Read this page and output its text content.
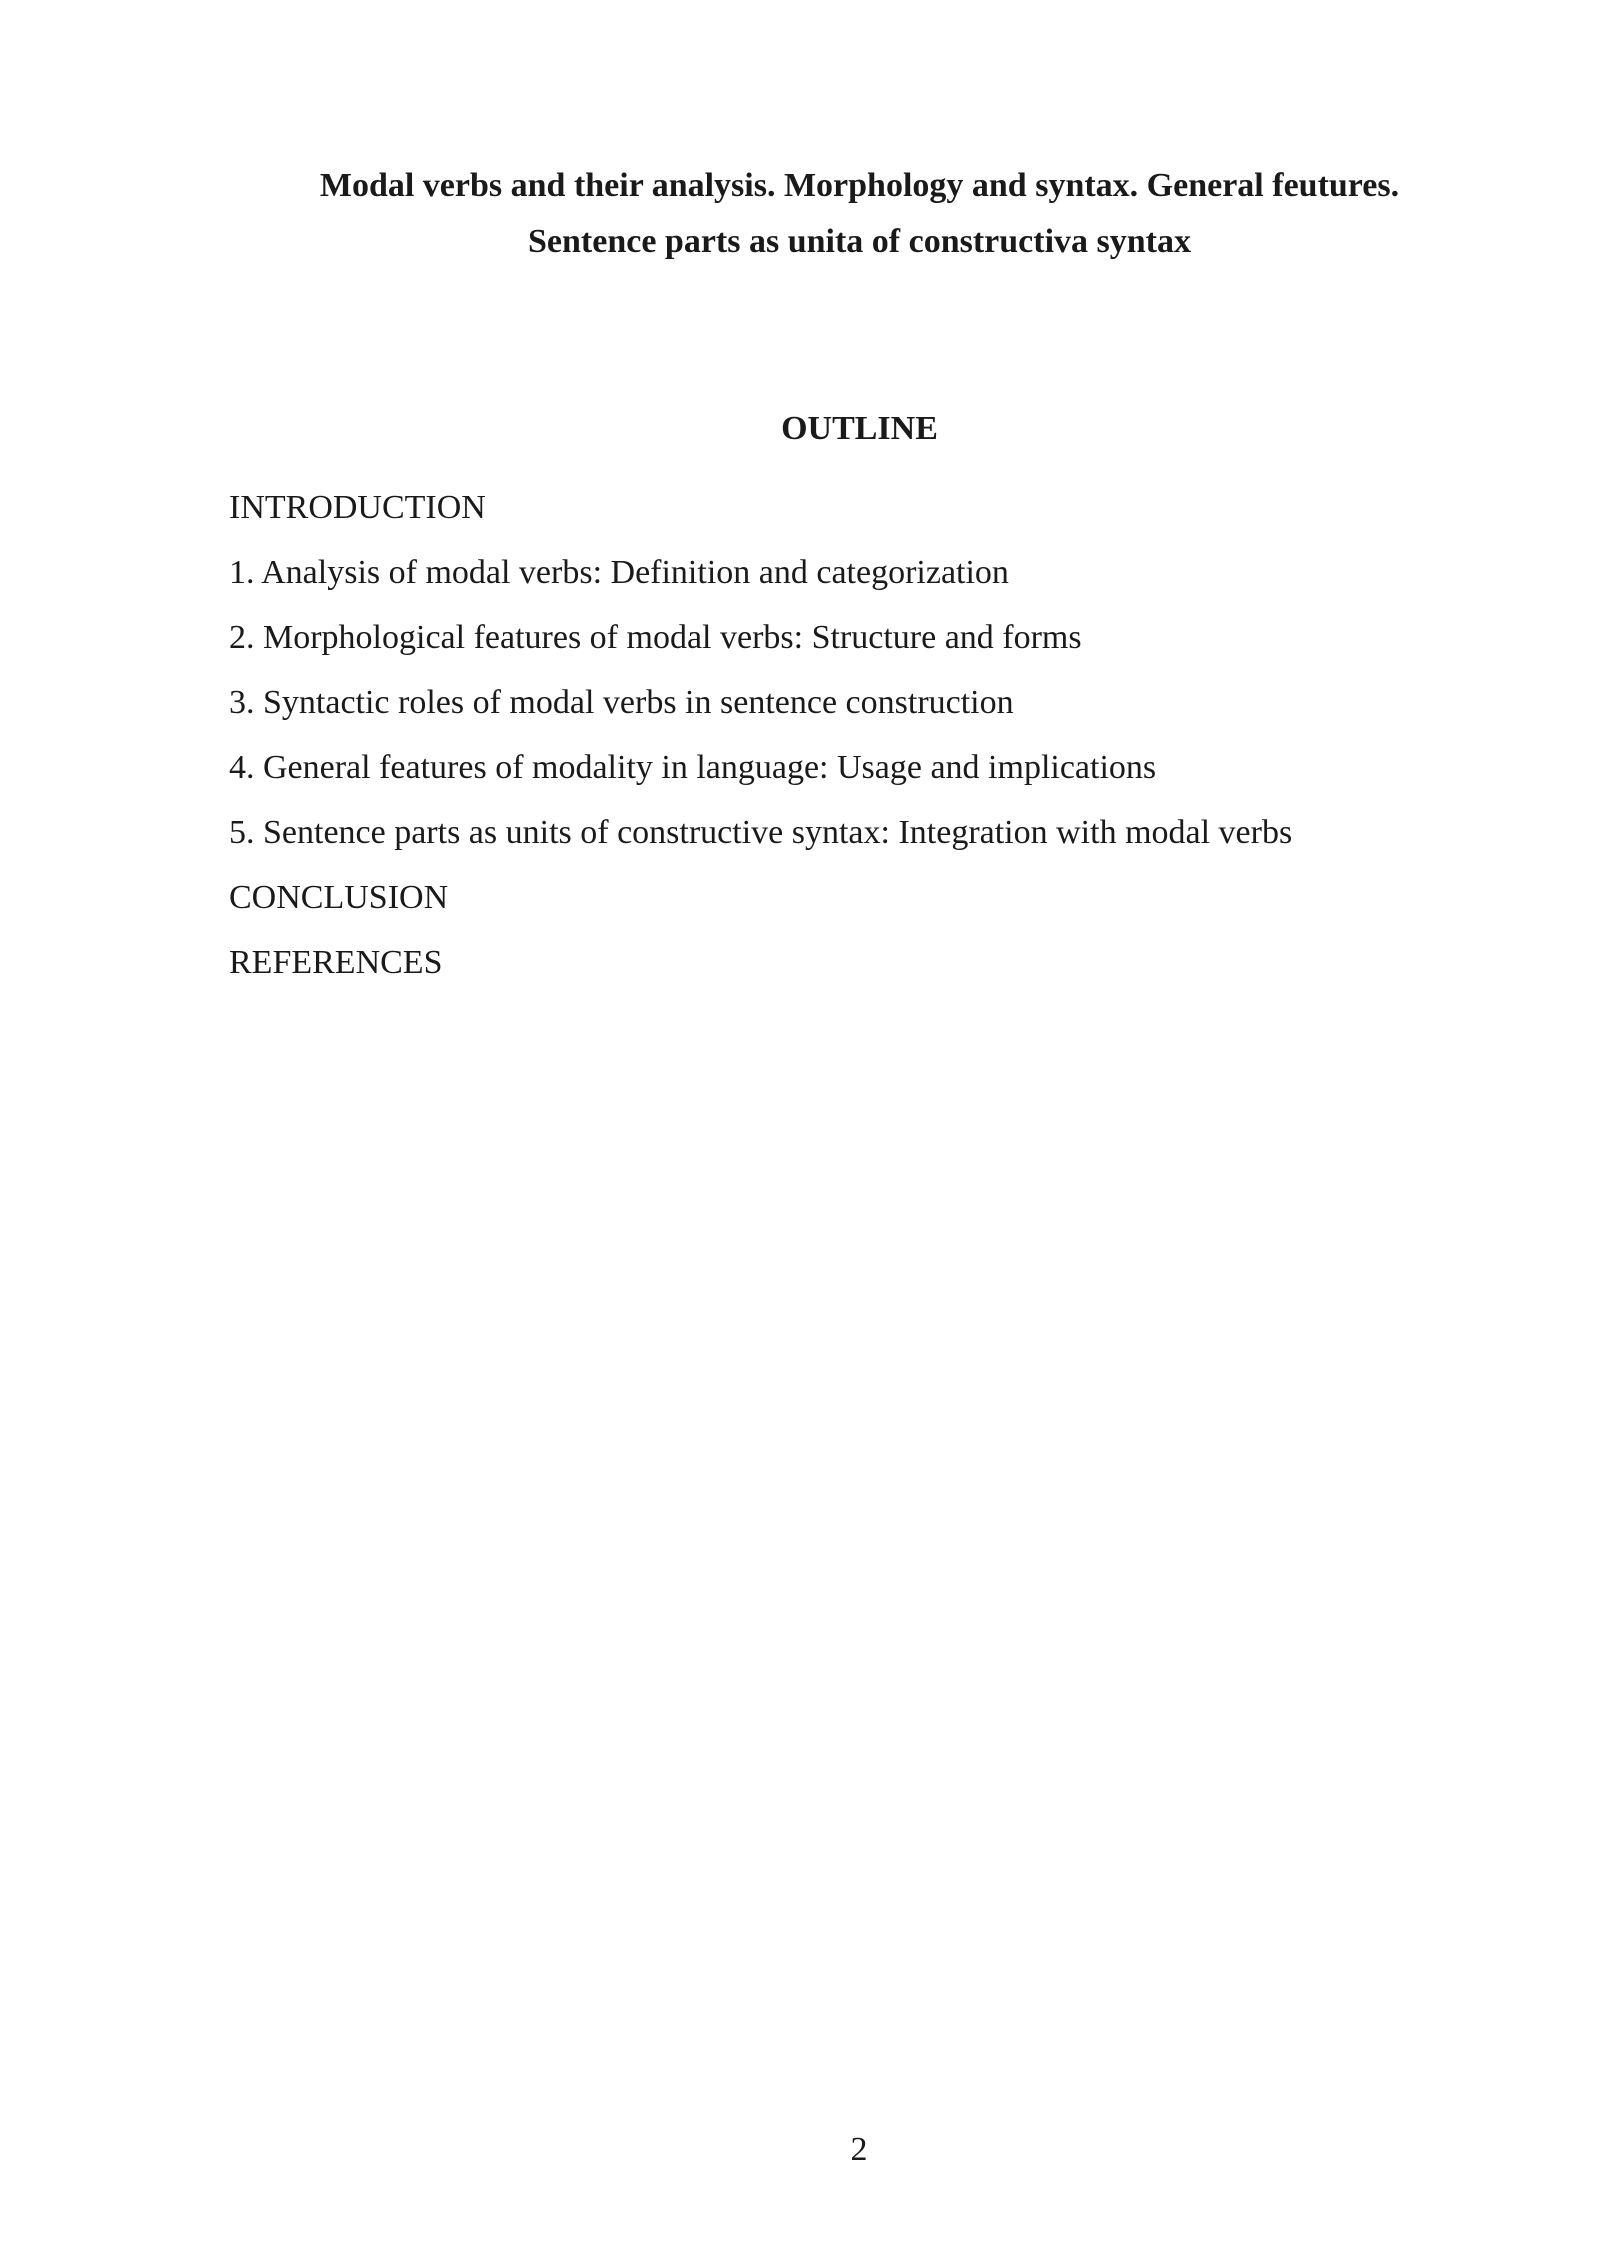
Modal verbs and their analysis. Morphology and syntax. General feutures.
Sentence parts as unita of constructiva syntax
OUTLINE
INTRODUCTION
1. Analysis of modal verbs: Definition and categorization
2. Morphological features of modal verbs: Structure and forms
3. Syntactic roles of modal verbs in sentence construction
4. General features of modality in language: Usage and implications
5. Sentence parts as units of constructive syntax: Integration with modal verbs
CONCLUSION
REFERENCES
2
